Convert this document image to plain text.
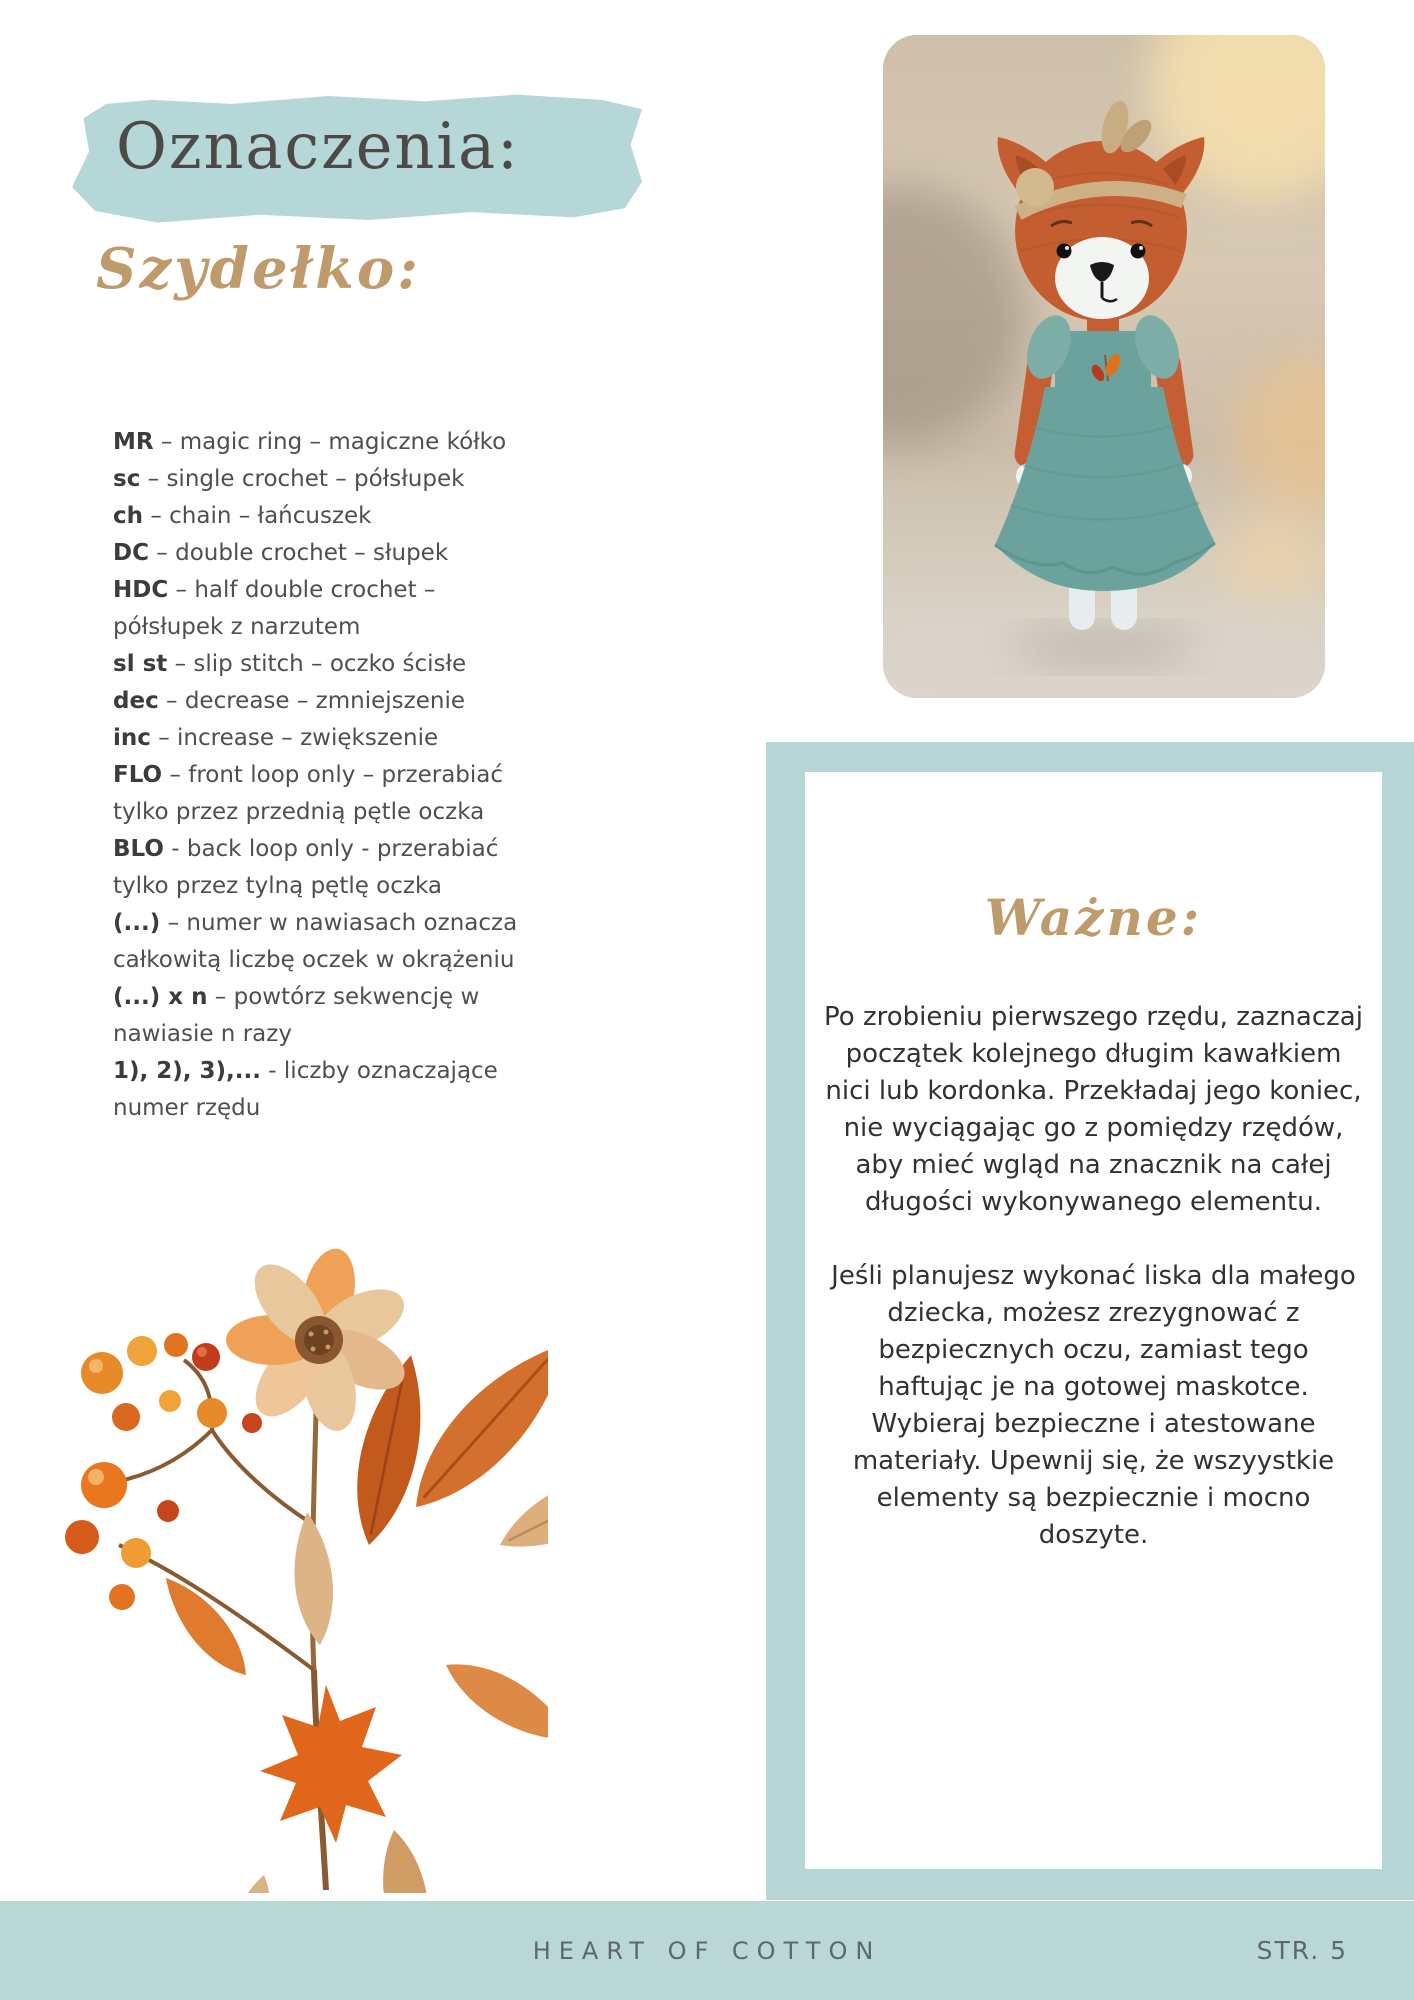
Oznaczenia:
Szydełko:
MR – magic ring – magiczne kółko
sc – single crochet – półsłupek
ch – chain – łańcuszek
DC – double crochet – słupek
HDC – half double crochet – półsłupek z narzutem
sl st – slip stitch – oczko ścisłe
dec – decrease – zmniejszenie
inc – increase – zwiększenie
FLO – front loop only – przerabiać tylko przez przednią pętle oczka
BLO - back loop only - przerabiać tylko przez tylną pętlę oczka
(...) – numer w nawiasach oznacza całkowitą liczbę oczek w okrążeniu
(...) x n – powtórz sekwencję w nawiasie n razy
1), 2), 3),... - liczby oznaczające numer rzędu
Ważne:

Po zrobieniu pierwszego rzędu, zaznaczaj początek kolejnego długim kawałkiem nici lub kordonka. Przekładaj jego koniec, nie wyciągając go z pomiędzy rzędów, aby mieć wgląd na znacznik na całej długości wykonywanego elementu.

Jeśli planujesz wykonać liska dla małego dziecka, możesz zrezygnować z bezpiecznych oczu, zamiast tego haftując je na gotowej maskotce. Wybieraj bezpieczne i atestowane materiały. Upewnij się, że wszyystkie elementy są bezpiecznie i mocno doszyte.

HEART OF COTTON	STR. 5
